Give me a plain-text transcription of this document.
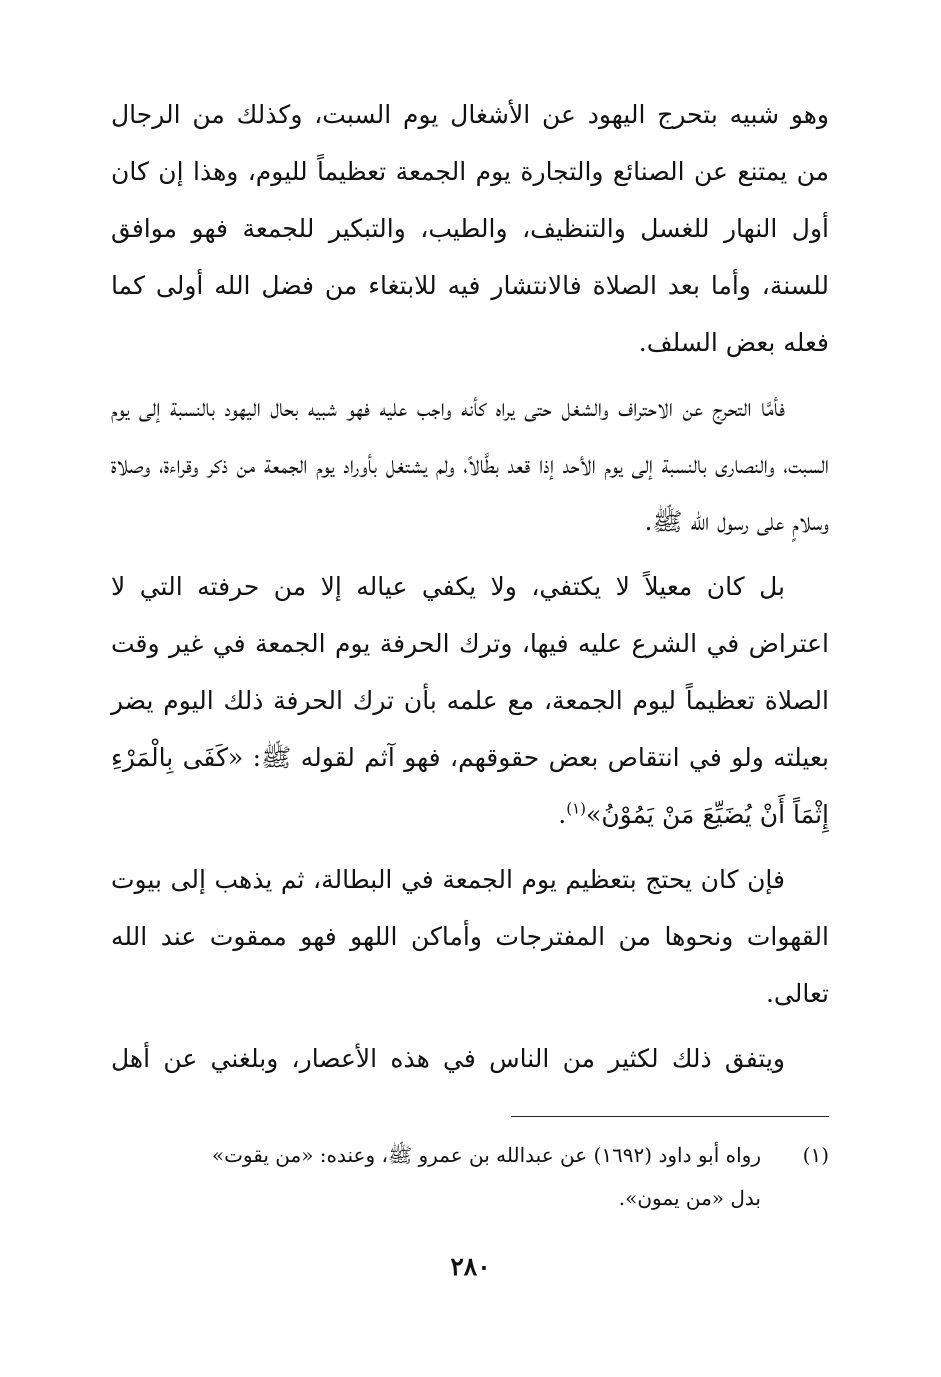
وهو شبيه بتحرج اليهود عن الأشغال يوم السبت، وكذلك من الرجال من يمتنع عن الصنائع والتجارة يوم الجمعة تعظيماً لليوم، وهذا إن كان أول النهار للغسل والتنظيف، والطيب، والتبكير للجمعة فهو موافق للسنة، وأما بعد الصلاة فالانتشار فيه للابتغاء من فضل الله أولى كما فعله بعض السلف.

فأمَّا التحرج عن الاحتراف والشغل حتى يراه كأنه واجب عليه فهو شبيه بحال اليهود بالنسبة إلى يوم السبت، والنصارى بالنسبة إلى يوم الأحد إذا قعد بطَّالاً، ولم يشتغل بأوراد يوم الجمعة من ذكر وقراءة، وصلاة وسلامٍ على رسول الله ﷺ.

بل كان معيلاً لا يكتفي، ولا يكفي عياله إلا من حرفته التي لا اعتراض في الشرع عليه فيها، وترك الحرفة يوم الجمعة في غير وقت الصلاة تعظيماً ليوم الجمعة، مع علمه بأن ترك الحرفة ذلك اليوم يضر بعيلته ولو في انتقاص بعض حقوقهم، فهو آثم لقوله ﷺ: «كَفَى بِالْمَرْءِ إِثْمَاً أَنْ يُضَيِّعَ مَنْ يَمُوْنُ»$^{(١)}$.

فإن كان يحتج بتعظيم يوم الجمعة في البطالة، ثم يذهب إلى بيوت القهوات ونحوها من المفترجات وأماكن اللهو فهو ممقوت عند الله تعالى.

ويتفق ذلك لكثير من الناس في هذه الأعصار، وبلغني عن أهل

(١)رواه أبو داود (١٦٩٢) عن عبدالله بن عمرو ﷺ، وعنده: «من يقوت»

بدل «من يمون».

٢٨٠
